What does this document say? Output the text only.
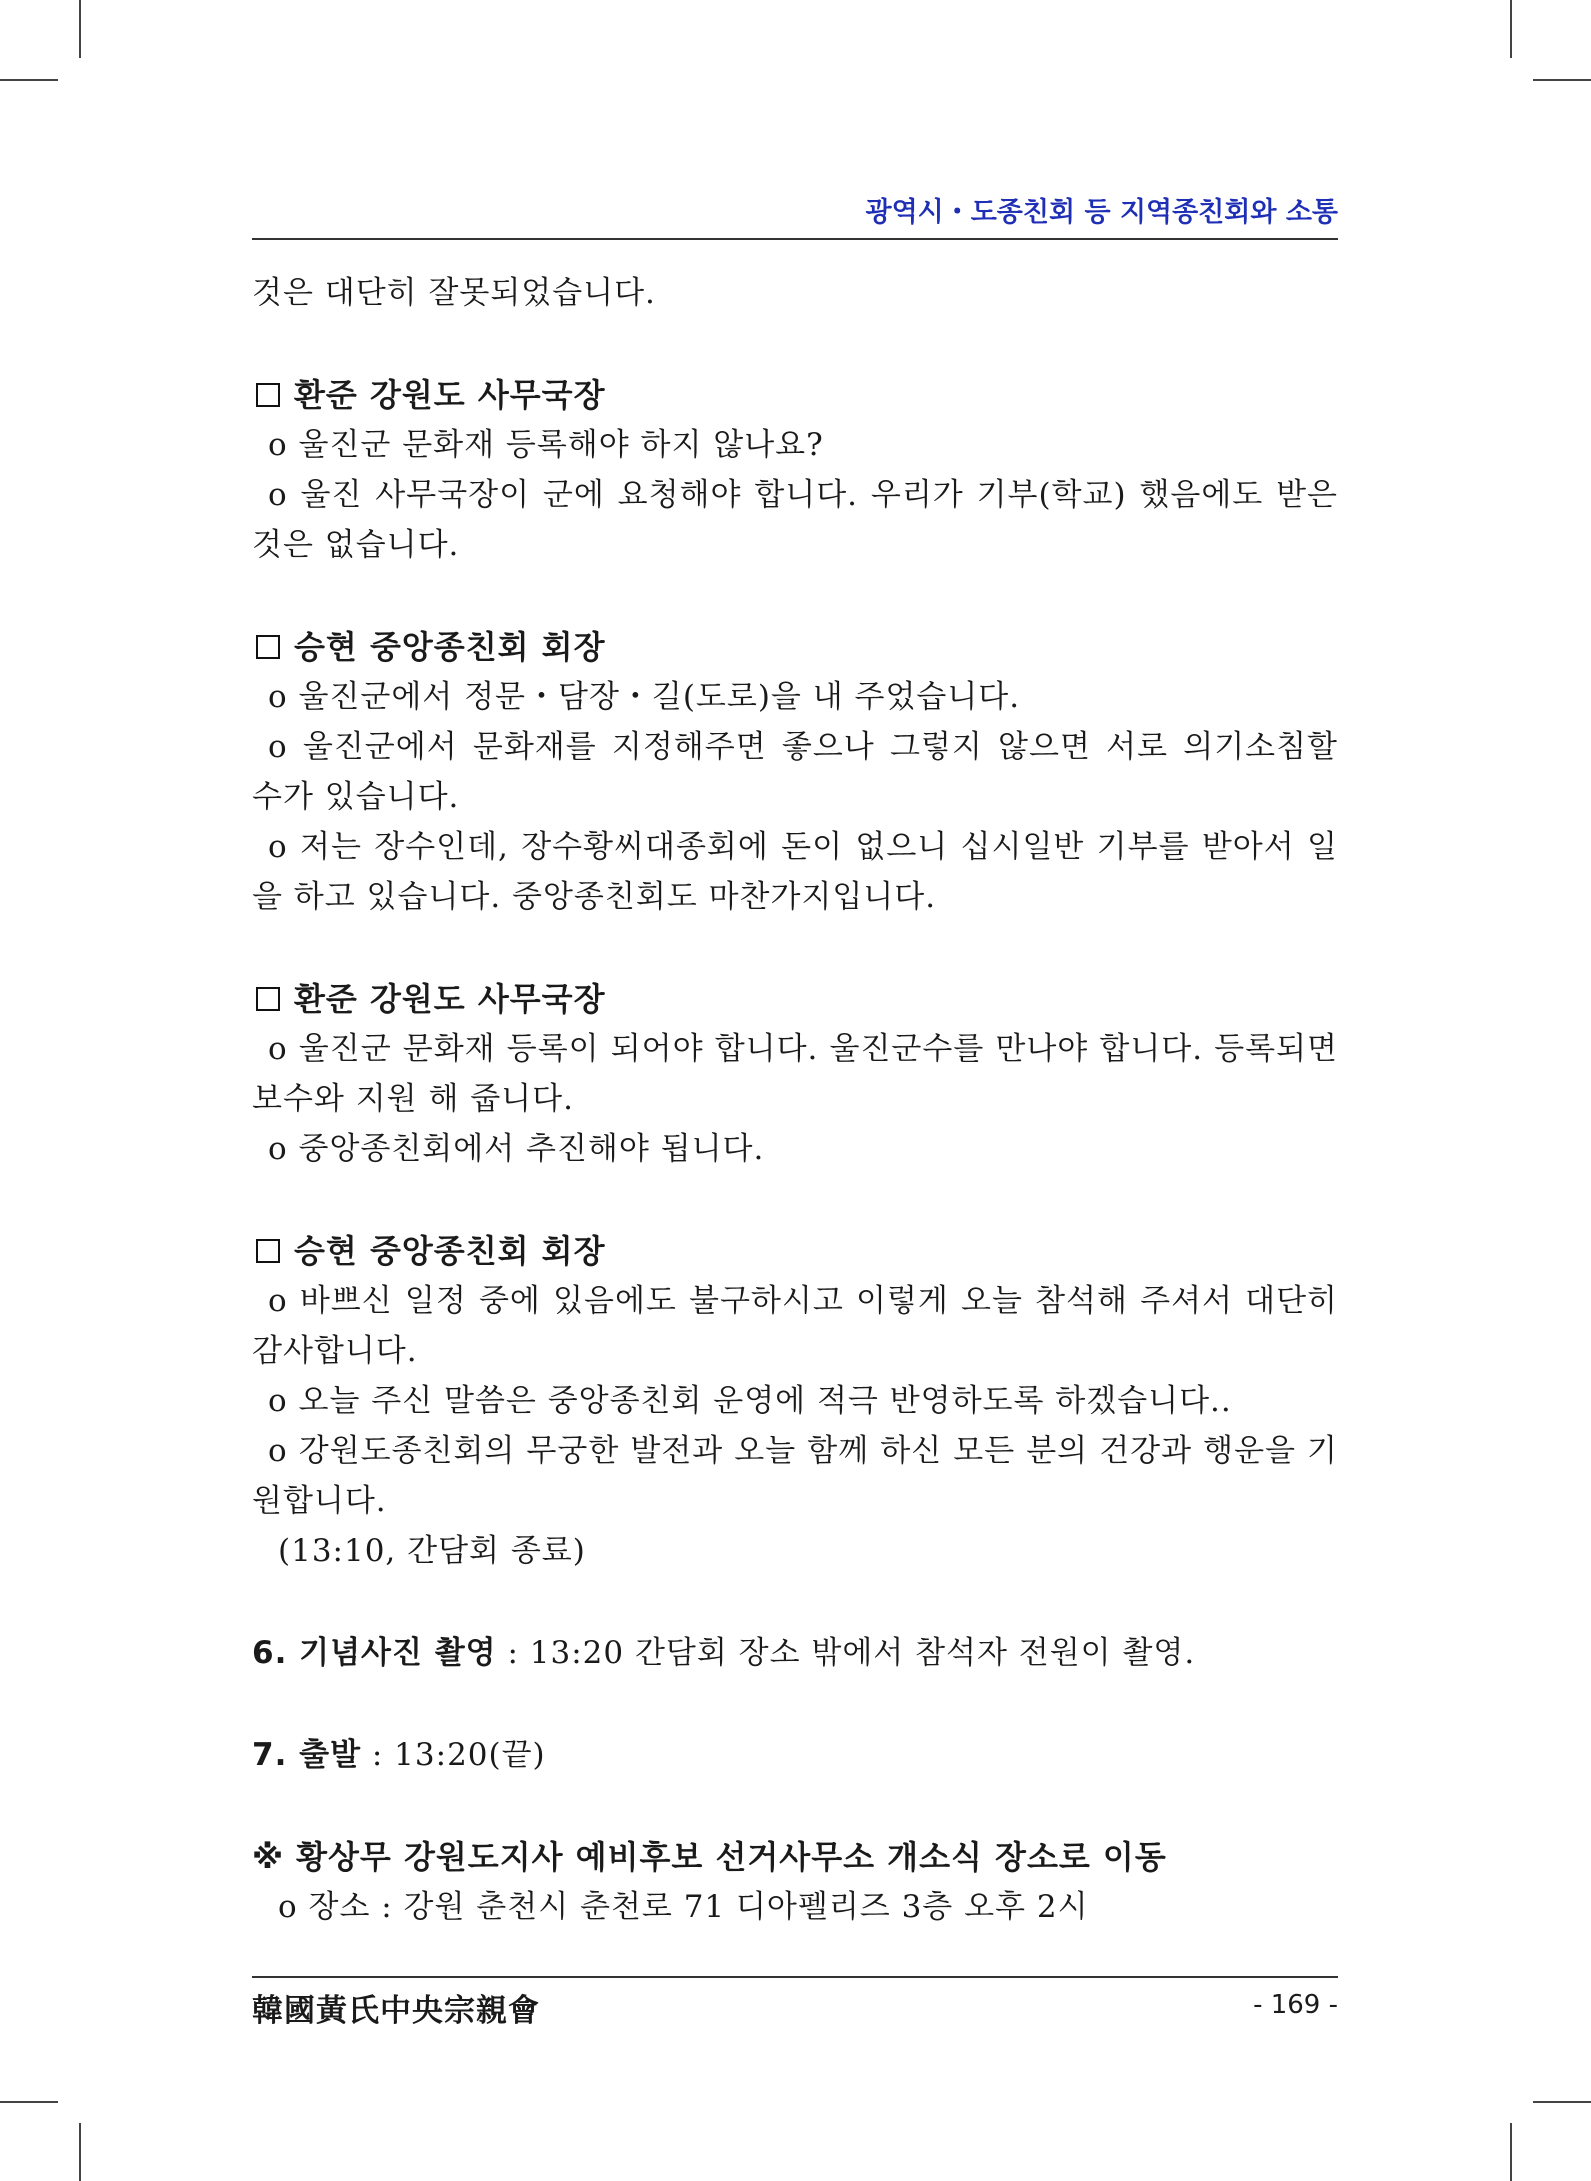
광역시・도종친회 등 지역종친회와 소통

것은 대단히 잘못되었습니다.

환준 강원도 사무국장

o 울진군 문화재 등록해야 하지 않나요?

o 울진 사무국장이 군에 요청해야 합니다. 우리가 기부(학교) 했음에도 받은 것은 없습니다.

승현 중앙종친회 회장

o 울진군에서 정문・담장・길(도로)을 내 주었습니다.

o 울진군에서 문화재를 지정해주면 좋으나 그렇지 않으면 서로 의기소침할 수가 있습니다.

o 저는 장수인데, 장수황씨대종회에 돈이 없으니 십시일반 기부를 받아서 일을 하고 있습니다. 중앙종친회도 마찬가지입니다.

환준 강원도 사무국장

o 울진군 문화재 등록이 되어야 합니다. 울진군수를 만나야 합니다. 등록되면 보수와 지원 해 줍니다.

o 중앙종친회에서 추진해야 됩니다.

승현 중앙종친회 회장

o 바쁘신 일정 중에 있음에도 불구하시고 이렇게 오늘 참석해 주셔서 대단히 감사합니다.

o 오늘 주신 말씀은 중앙종친회 운영에 적극 반영하도록 하겠습니다..

o 강원도종친회의 무궁한 발전과 오늘 함께 하신 모든 분의 건강과 행운을 기원합니다.

(13:10, 간담회 종료)

6. 기념사진 촬영 : 13:20 간담회 장소 밖에서 참석자 전원이 촬영.

7. 출발 : 13:20(끝)

※ 황상무 강원도지사 예비후보 선거사무소 개소식 장소로 이동

o 장소 : 강원 춘천시 춘천로 71 디아펠리즈 3층 오후 2시

韓國黃氏中央宗親會	- 169 -
